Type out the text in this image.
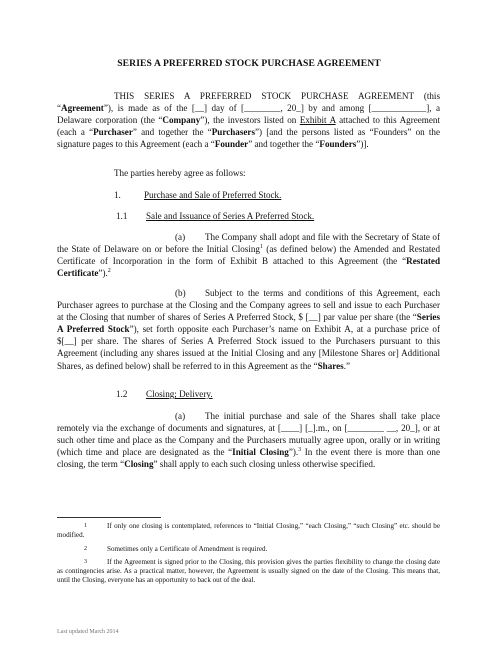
SERIES A PREFERRED STOCK PURCHASE AGREEMENT

THIS SERIES A PREFERRED STOCK PURCHASE AGREEMENT (this “Agreement”), is made as of the [__] day of [________, 20_] by and among [____________], a Delaware corporation (the “Company”), the investors listed on Exhibit A attached to this Agreement (each a “Purchaser” and together the “Purchasers”) [and the persons listed as “Founders” on the signature pages to this Agreement (each a “Founder” and together the “Founders”)].

The parties hereby agree as follows:

1.	Purchase and Sale of Preferred Stock.

1.1 Sale and Issuance of Series A Preferred Stock.

(a) The Company shall adopt and file with the Secretary of State of the State of Delaware on or before the Initial Closing$^1$ (as defined below) the Amended and Restated Certificate of Incorporation in the form of Exhibit B attached to this Agreement (the “Restated Certificate”).$^2$

(b) Subject to the terms and conditions of this Agreement, each Purchaser agrees to purchase at the Closing and the Company agrees to sell and issue to each Purchaser at the Closing that number of shares of Series A Preferred Stock, $ [__] par value per share (the “Series A Preferred Stock”), set forth opposite each Purchaser’s name on Exhibit A, at a purchase price of $[__] per share. The shares of Series A Preferred Stock issued to the Purchasers pursuant to this Agreement (including any shares issued at the Initial Closing and any [Milestone Shares or] Additional Shares, as defined below) shall be referred to in this Agreement as the “Shares.”

1.2 Closing; Delivery.

(a) The initial purchase and sale of the Shares shall take place remotely via the exchange of documents and signatures, at [____] [_].m., on [________ __, 20_], or at such other time and place as the Company and the Purchasers mutually agree upon, orally or in writing (which time and place are designated as the “Initial Closing”).$^3$ In the event there is more than one closing, the term “Closing” shall apply to each such closing unless otherwise specified.

1	If only one closing is contemplated, references to “Initial Closing,” “each Closing,” “such Closing” etc. should be modified.

2	Sometimes only a Certificate of Amendment is required.

3	If the Agreement is signed prior to the Closing, this provision gives the parties flexibility to change the closing date as contingencies arise. As a practical matter, however, the Agreement is usually signed on the date of the Closing. This means that, until the Closing, everyone has an opportunity to back out of the deal.

Last updated March 2014
